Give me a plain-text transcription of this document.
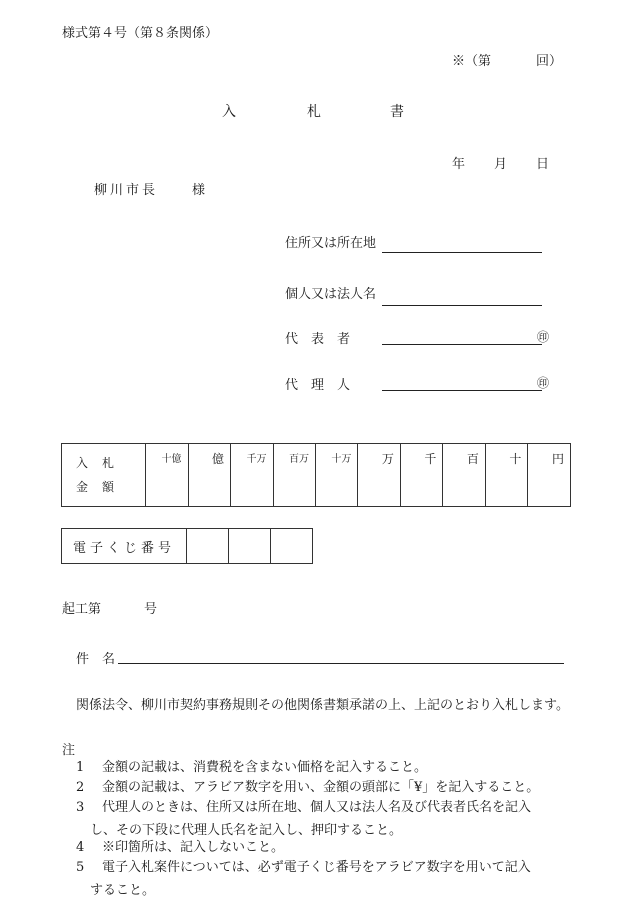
様式第４号（第８条関係）
※（第	回）
入	札	書
年 月 日
柳川市長	様
住所又は所在地
個人又は法人名
代　表　者	㊞
代　理　人	㊞
入札
金額
	十億	億	千万	百万	十万	万	千	百	十	円
電子くじ番号			
起工第	号
件　名
関係法令、柳川市契約事務規則その他関係書類承諾の上、上記のとおり入札します。
注
1 金額の記載は、消費税を含まない価格を記入すること。
2 金額の記載は、アラビア数字を用い、金額の頭部に「¥」を記入すること。
3 代理人のときは、住所又は所在地、個人又は法人名及び代表者氏名を記入
し、その下段に代理人氏名を記入し、押印すること。
4 ※印箇所は、記入しないこと。
5 電子入札案件については、必ず電子くじ番号をアラビア数字を用いて記入
すること。
